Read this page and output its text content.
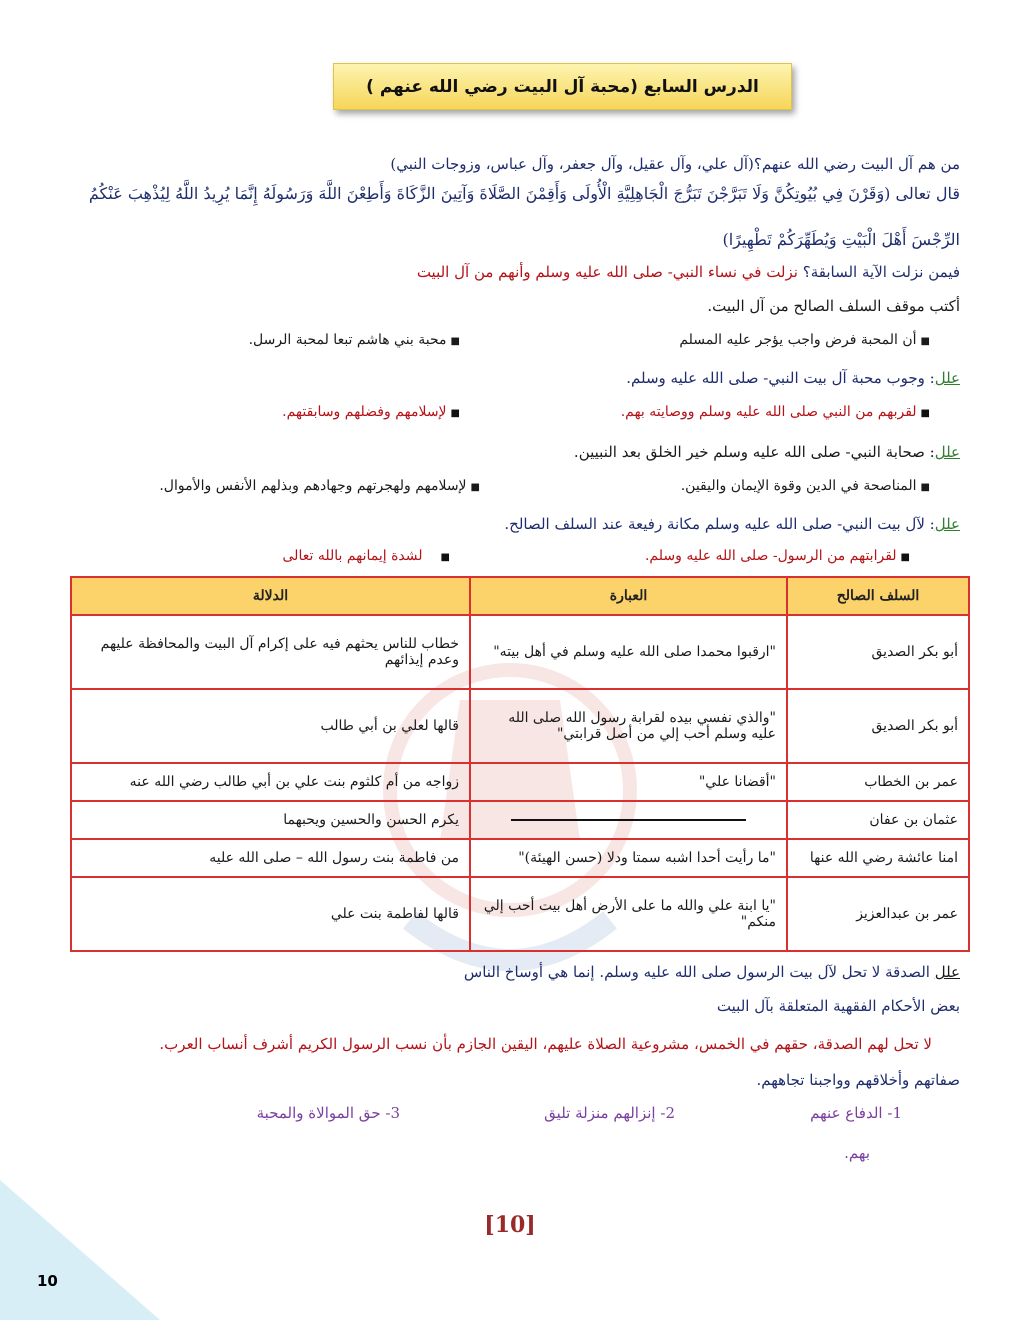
الدرس السابع (محبة آل البيت رضي الله عنهم )
من هم آل البيت رضي الله عنهم؟(آل علي، وآل عقيل، وآل جعفر، وآل عباس، وزوجات النبي)
قال تعالى (وَقَرْنَ فِي بُيُوتِكُنَّ وَلَا تَبَرَّجْنَ تَبَرُّجَ الْجَاهِلِيَّةِ الْأُولَى وَأَقِمْنَ الصَّلَاةَ وَآتِينَ الزَّكَاةَ وَأَطِعْنَ اللَّهَ وَرَسُولَهُ إِنَّمَا يُرِيدُ اللَّهُ لِيُذْهِبَ عَنْكُمُ
الرِّجْسَ أَهْلَ الْبَيْتِ وَيُطَهِّرَكُمْ تَطْهِيرًا)
فيمن نزلت الآية السابقة؟ نزلت في نساء النبي- صلى الله عليه وسلم وأنهم من آل البيت
أكتب موقف السلف الصالح من آل البيت.
■أن المحبة فرض واجب يؤجر عليه المسلم
■محبة بني هاشم تبعا لمحبة الرسل.
علل: وجوب محبة آل بيت النبي- صلى الله عليه وسلم.
■لقربهم من النبي صلى الله عليه وسلم ووصايته بهم.
■لإسلامهم وفضلهم وسابقتهم.
علل: صحابة النبي- صلى الله عليه وسلم خير الخلق بعد النبيين.
■المناصحة في الدين وقوة الإيمان واليقين.
■لإسلامهم ولهجرتهم وجهادهم وبذلهم الأنفس والأموال.
علل: لآل بيت النبي- صلى الله عليه وسلم مكانة رفيعة عند السلف الصالح.
■لقرابتهم من الرسول- صلى الله عليه وسلم.
■لشدة إيمانهم بالله تعالى
السلف الصالح	العبارة	الدلالة
أبو بكر الصديق	"ارقبوا محمدا صلى الله عليه وسلم في أهل بيته"	خطاب للناس يحثهم فيه على إكرام آل البيت والمحافظة عليهم وعدم إيذائهم
أبو بكر الصديق	"والذي نفسي بيده لقرابة رسول الله صلى الله عليه وسلم أحب إلي من أصل قرابتي"	قالها لعلي بن أبي طالب
عمر بن الخطاب	"أقضانا علي"	زواجه من أم كلثوم بنت علي بن أبي طالب رضي الله عنه
عثمان بن عفان		يكرم الحسن والحسين ويحبهما
امنا عائشة رضي الله عنها	"ما رأيت أحدا اشبه سمتا ودلا (حسن الهيئة)"	من فاطمة بنت رسول الله – صلى الله عليه
عمر بن عبدالعزيز	"يا ابنة علي والله ما على الأرض أهل بيت أحب إلي منكم"	قالها لفاطمة بنت علي
علل الصدقة لا تحل لآل بيت الرسول صلى الله عليه وسلم. إنما هي أوساخ الناس
بعض الأحكام الفقهية المتعلقة بآل البيت
لا تحل لهم الصدقة، حقهم في الخمس، مشروعية الصلاة عليهم، اليقين الجازم بأن نسب الرسول الكريم أشرف أنساب العرب.
صفاتهم وأخلاقهم وواجبنا تجاههم.
1- الدفاع عنهم
2- إنزالهم منزلة تليق
3- حق الموالاة والمحبة
بهم.
[10]
10
